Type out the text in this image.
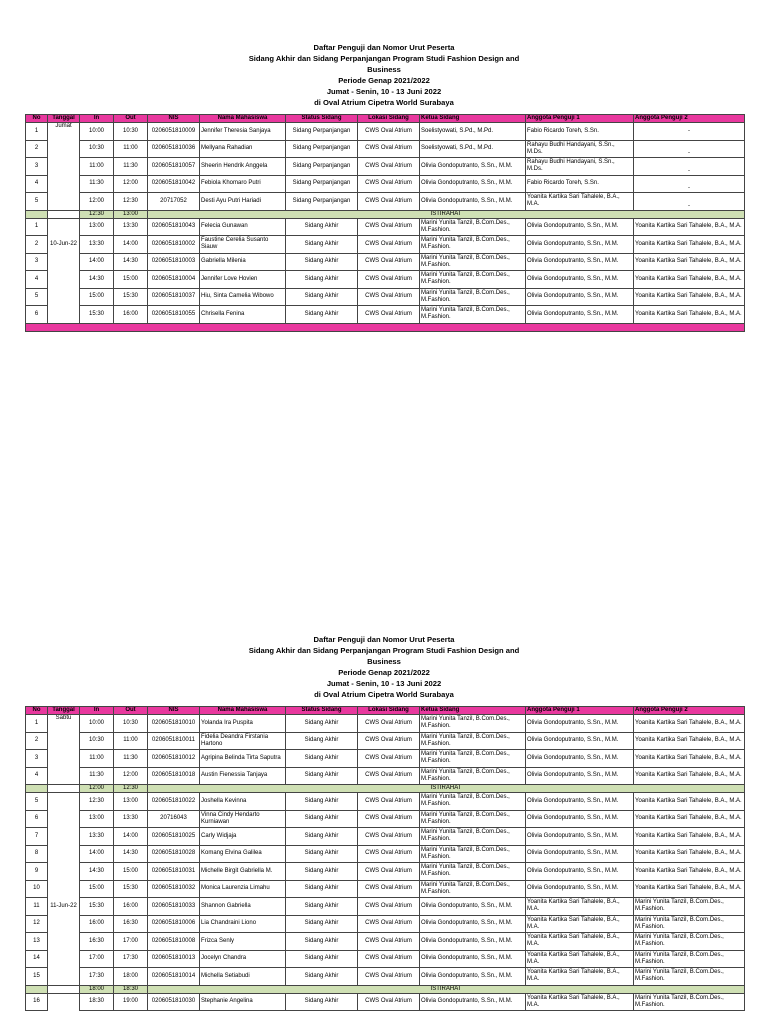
Daftar Penguji dan Nomor Urut Peserta
Sidang Akhir dan Sidang Perpanjangan Program Studi Fashion Design and
Business
Periode Genap 2021/2022
Jumat - Senin, 10 - 13 Juni 2022
di Oval Atrium Cipetra World Surabaya
No	Tanggal	In	Out	NIS	Nama Mahasiswa	Status Sidang	Lokasi Sidang	Ketua Sidang	Anggota Penguji 1	Anggota Penguji 2
1	Jumat	10:00	10:30	0206051810009	Jennifer Theresia Sanjaya	Sidang Perpanjangan	CWS Oval Atrium	Soelistyowati, S.Pd., M.Pd.	Fabio Ricardo Toreh, S.Sn.	-
2		10:30	11:00	0206051810036	Mellyana Rahadian	Sidang Perpanjangan	CWS Oval Atrium	Soelistyowati, S.Pd., M.Pd.	Rahayu Budhi Handayani, S.Sn., M.Ds.	-
3		11:00	11:30	0206051810057	Sheerin Hendrik Anggela	Sidang Perpanjangan	CWS Oval Atrium	Olivia Gondoputranto, S.Sn., M.M.	Rahayu Budhi Handayani, S.Sn., M.Ds.	-
4		11:30	12:00	0206051810042	Febiola Khomaro Putri	Sidang Perpanjangan	CWS Oval Atrium	Olivia Gondoputranto, S.Sn., M.M.	Fabio Ricardo Toreh, S.Sn.	-
5		12:00	12:30	20717052	Desti Ayu Putri Hariadi	Sidang Perpanjangan	CWS Oval Atrium	Olivia Gondoputranto, S.Sn., M.M.	Yoanita Kartika Sari Tahalele, B.A., M.A.	-
		12:30	13:00	ISTIRAHAT						
1		13:00	13:30	0206051810043	Felecia Gunawan	Sidang Akhir	CWS Oval Atrium	Marini Yunita Tanzil, B.Com.Des., M.Fashion.	Olivia Gondoputranto, S.Sn., M.M.	Yoanita Kartika Sari Tahalele, B.A., M.A.
2	10-Jun-22	13:30	14:00	0206051810002	Faustine Cerelia Susanto Siauw	Sidang Akhir	CWS Oval Atrium	Marini Yunita Tanzil, B.Com.Des., M.Fashion.	Olivia Gondoputranto, S.Sn., M.M.	Yoanita Kartika Sari Tahalele, B.A., M.A.
3		14:00	14:30	0206051810003	Gabriella Milenia	Sidang Akhir	CWS Oval Atrium	Marini Yunita Tanzil, B.Com.Des., M.Fashion.	Olivia Gondoputranto, S.Sn., M.M.	Yoanita Kartika Sari Tahalele, B.A., M.A.
4		14:30	15:00	0206051810004	Jennifer Love Hovien	Sidang Akhir	CWS Oval Atrium	Marini Yunita Tanzil, B.Com.Des., M.Fashion.	Olivia Gondoputranto, S.Sn., M.M.	Yoanita Kartika Sari Tahalele, B.A., M.A.
5		15:00	15:30	0206051810037	Hiu, Sinta Camelia Wibowo	Sidang Akhir	CWS Oval Atrium	Marini Yunita Tanzil, B.Com.Des., M.Fashion.	Olivia Gondoputranto, S.Sn., M.M.	Yoanita Kartika Sari Tahalele, B.A., M.A.
6		15:30	16:00	0206051810055	Chrisella Fenina	Sidang Akhir	CWS Oval Atrium	Marini Yunita Tanzil, B.Com.Des., M.Fashion.	Olivia Gondoputranto, S.Sn., M.M.	Yoanita Kartika Sari Tahalele, B.A., M.A.

Daftar Penguji dan Nomor Urut Peserta
Sidang Akhir dan Sidang Perpanjangan Program Studi Fashion Design and
Business
Periode Genap 2021/2022
Jumat - Senin, 10 - 13 Juni 2022
di Oval Atrium Cipetra World Surabaya
No	Tanggal	In	Out	NIS	Nama Mahasiswa	Status Sidang	Lokasi Sidang	Ketua Sidang	Anggota Penguji 1	Anggota Penguji 2
1	Sabtu	10:00	10:30	0206051810010	Yolanda Ira Puspita	Sidang Akhir	CWS Oval Atrium	Marini Yunita Tanzil, B.Com.Des., M.Fashion.	Olivia Gondoputranto, S.Sn., M.M.	Yoanita Kartika Sari Tahalele, B.A., M.A.
2		10:30	11:00	0206051810011	Fidelia Deandra Firstania Hartono	Sidang Akhir	CWS Oval Atrium	Marini Yunita Tanzil, B.Com.Des., M.Fashion.	Olivia Gondoputranto, S.Sn., M.M.	Yoanita Kartika Sari Tahalele, B.A., M.A.
3		11:00	11:30	0206051810012	Agripina Belinda Tirta Saputra	Sidang Akhir	CWS Oval Atrium	Marini Yunita Tanzil, B.Com.Des., M.Fashion.	Olivia Gondoputranto, S.Sn., M.M.	Yoanita Kartika Sari Tahalele, B.A., M.A.
4		11:30	12:00	0206051810018	Austin Fienessia Tanjaya	Sidang Akhir	CWS Oval Atrium	Marini Yunita Tanzil, B.Com.Des., M.Fashion.	Olivia Gondoputranto, S.Sn., M.M.	Yoanita Kartika Sari Tahalele, B.A., M.A.
		12:00	12:30	ISTIRAHAT						
5		12:30	13:00	0206051810022	Joshella Kevinna	Sidang Akhir	CWS Oval Atrium	Marini Yunita Tanzil, B.Com.Des., M.Fashion.	Olivia Gondoputranto, S.Sn., M.M.	Yoanita Kartika Sari Tahalele, B.A., M.A.
6		13:00	13:30	20716043	Vinna Cindy Hendarto Kurniawan	Sidang Akhir	CWS Oval Atrium	Marini Yunita Tanzil, B.Com.Des., M.Fashion.	Olivia Gondoputranto, S.Sn., M.M.	Yoanita Kartika Sari Tahalele, B.A., M.A.
7		13:30	14:00	0206051810025	Carly Widjaja	Sidang Akhir	CWS Oval Atrium	Marini Yunita Tanzil, B.Com.Des., M.Fashion.	Olivia Gondoputranto, S.Sn., M.M.	Yoanita Kartika Sari Tahalele, B.A., M.A.
8		14:00	14:30	0206051810028	Komang Elvina Galilea	Sidang Akhir	CWS Oval Atrium	Marini Yunita Tanzil, B.Com.Des., M.Fashion.	Olivia Gondoputranto, S.Sn., M.M.	Yoanita Kartika Sari Tahalele, B.A., M.A.
9		14:30	15:00	0206051810031	Michelle Birgit Gabriella M.	Sidang Akhir	CWS Oval Atrium	Marini Yunita Tanzil, B.Com.Des., M.Fashion.	Olivia Gondoputranto, S.Sn., M.M.	Yoanita Kartika Sari Tahalele, B.A., M.A.
10		15:00	15:30	0206051810032	Monica Laurenzia Limahu	Sidang Akhir	CWS Oval Atrium	Marini Yunita Tanzil, B.Com.Des., M.Fashion.	Olivia Gondoputranto, S.Sn., M.M.	Yoanita Kartika Sari Tahalele, B.A., M.A.
11	11-Jun-22	15:30	16:00	0206051810033	Shannon Gabriella	Sidang Akhir	CWS Oval Atrium	Olivia Gondoputranto, S.Sn., M.M.	Yoanita Kartika Sari Tahalele, B.A., M.A.	Marini Yunita Tanzil, B.Com.Des., M.Fashion.
12		16:00	16:30	0206051810006	Lia Chandraini Liono	Sidang Akhir	CWS Oval Atrium	Olivia Gondoputranto, S.Sn., M.M.	Yoanita Kartika Sari Tahalele, B.A., M.A.	Marini Yunita Tanzil, B.Com.Des., M.Fashion.
13		16:30	17:00	0206051810008	Frizca Senly	Sidang Akhir	CWS Oval Atrium	Olivia Gondoputranto, S.Sn., M.M.	Yoanita Kartika Sari Tahalele, B.A., M.A.	Marini Yunita Tanzil, B.Com.Des., M.Fashion.
14		17:00	17:30	0206051810013	Jocelyn Chandra	Sidang Akhir	CWS Oval Atrium	Olivia Gondoputranto, S.Sn., M.M.	Yoanita Kartika Sari Tahalele, B.A., M.A.	Marini Yunita Tanzil, B.Com.Des., M.Fashion.
15		17:30	18:00	0206051810014	Michella Setiabudi	Sidang Akhir	CWS Oval Atrium	Olivia Gondoputranto, S.Sn., M.M.	Yoanita Kartika Sari Tahalele, B.A., M.A.	Marini Yunita Tanzil, B.Com.Des., M.Fashion.
		18:00	18:30	ISTIRAHAT						
16		18:30	19:00	0206051810030	Stephanie Angelina	Sidang Akhir	CWS Oval Atrium	Olivia Gondoputranto, S.Sn., M.M.	Yoanita Kartika Sari Tahalele, B.A., M.A.	Marini Yunita Tanzil, B.Com.Des., M.Fashion.
